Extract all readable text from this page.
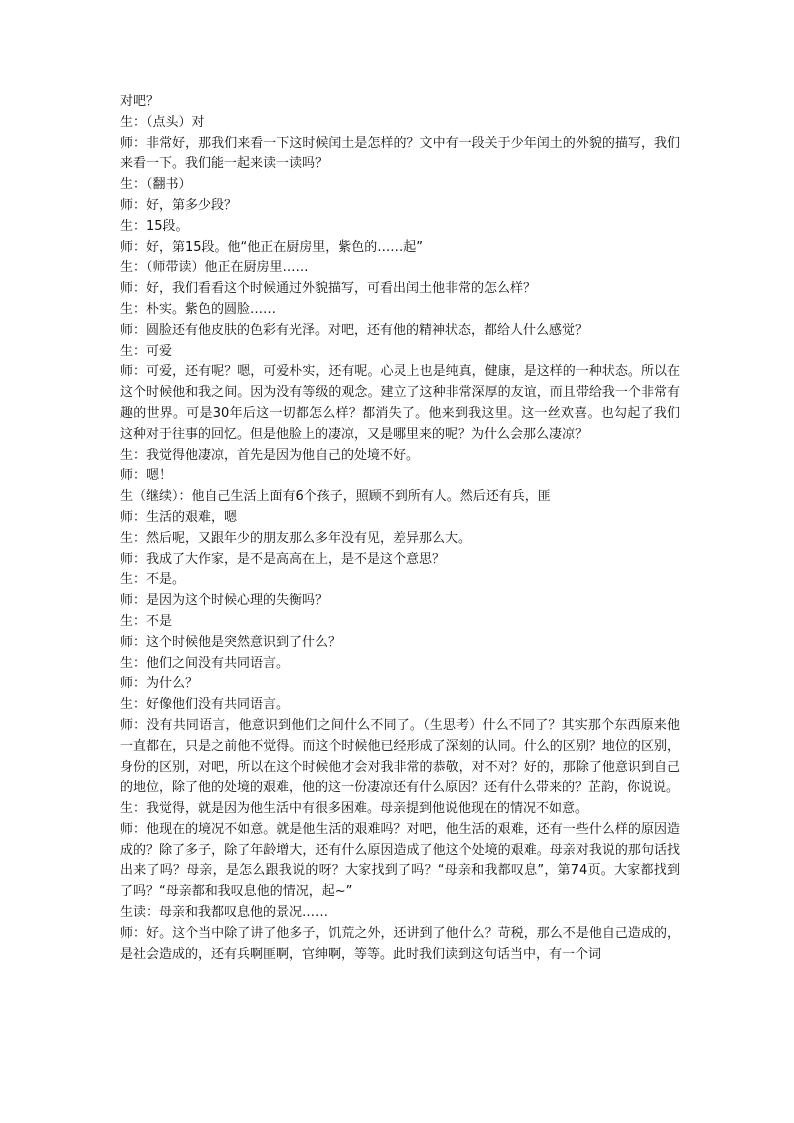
对吧？

生：（点头）对

师：非常好，那我们来看一下这时候闰土是怎样的？文中有一段关于少年闰土的外貌的描写，我们来看一下。我们能一起来读一读吗？

生：（翻书）

师：好，第多少段？

生：15段。

师：好，第15段。他“他正在厨房里，紫色的……起”

生：（师带读）他正在厨房里……

师：好，我们看看这个时候通过外貌描写，可看出闰土他非常的怎么样？

生：朴实。紫色的圆脸……

师：圆脸还有他皮肤的色彩有光泽。对吧，还有他的精神状态，都给人什么感觉？

生：可爱

师：可爱，还有呢？嗯，可爱朴实，还有呢。心灵上也是纯真，健康，是这样的一种状态。所以在这个时候他和我之间。因为没有等级的观念。建立了这种非常深厚的友谊，而且带给我一个非常有趣的世界。可是30年后这一切都怎么样？都消失了。他来到我这里。这一丝欢喜。也勾起了我们这种对于往事的回忆。但是他脸上的凄凉，又是哪里来的呢？为什么会那么凄凉？

生：我觉得他凄凉，首先是因为他自己的处境不好。

师：嗯！

生（继续）：他自己生活上面有6个孩子，照顾不到所有人。然后还有兵，匪

师：生活的艰难，嗯

生：然后呢，又跟年少的朋友那么多年没有见，差异那么大。

师：我成了大作家，是不是高高在上，是不是这个意思？

生：不是。

师：是因为这个时候心理的失衡吗？

生：不是

师：这个时候他是突然意识到了什么？

生：他们之间没有共同语言。

师：为什么？

生：好像他们没有共同语言。

师：没有共同语言，他意识到他们之间什么不同了。（生思考）什么不同了？其实那个东西原来他一直都在，只是之前他不觉得。而这个时候他已经形成了深刻的认同。什么的区别？地位的区别，身份的区别，对吧，所以在这个时候他才会对我非常的恭敬，对不对？好的，那除了他意识到自己的地位，除了他的处境的艰难，他的这一份凄凉还有什么原因？还有什么带来的？芷韵，你说说。

生：我觉得，就是因为他生活中有很多困难。母亲提到他说他现在的情况不如意。

师：他现在的境况不如意。就是他生活的艰难吗？对吧，他生活的艰难，还有一些什么样的原因造成的？除了多子，除了年龄增大，还有什么原因造成了他这个处境的艰难。母亲对我说的那句话找出来了吗？母亲，是怎么跟我说的呀？大家找到了吗？“母亲和我都叹息”，第74页。大家都找到了吗？“母亲都和我叹息他的情况，起~”

生读：母亲和我都叹息他的景况……

师：好。这个当中除了讲了他多子，饥荒之外，还讲到了他什么？苛税，那么不是他自己造成的，是社会造成的，还有兵啊匪啊，官绅啊，等等。此时我们读到这句话当中，有一个词
